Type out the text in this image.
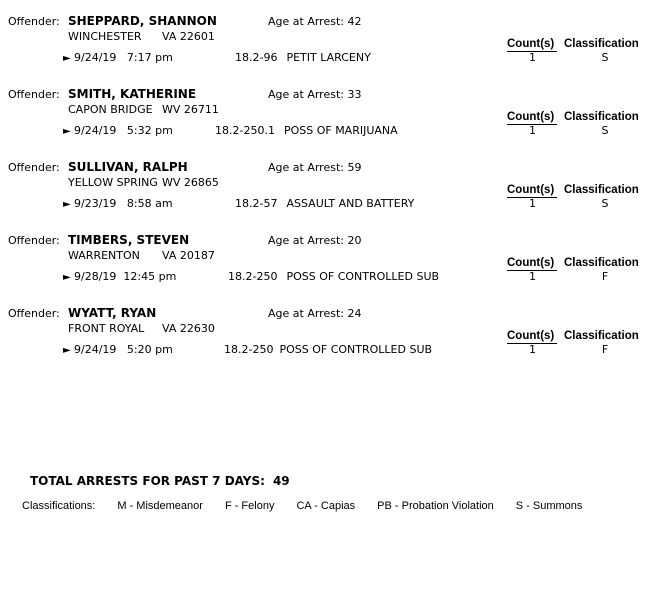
Offender: SHEPPARD, SHANNON	Age at Arrest: 42
WINCHESTER VA 22601
Count(s) Classification
► 9/24/19   7:17 pm	18.2-96 PETIT LARCENY	1	S
Offender: SMITH, KATHERINE	Age at Arrest: 33
CAPON BRIDGE WV 26711
Count(s) Classification
► 9/24/19   5:32 pm	18.2-250.1 POSS OF MARIJUANA	1	S
Offender: SULLIVAN, RALPH	Age at Arrest: 59
YELLOW SPRING WV 26865
Count(s) Classification
► 9/23/19   8:58 am	18.2-57 ASSAULT AND BATTERY	1	S
Offender: TIMBERS, STEVEN	Age at Arrest: 20
WARRENTON VA 20187
Count(s) Classification
► 9/28/19  12:45 pm	18.2-250 POSS OF CONTROLLED SUB	1	F
Offender: WYATT, RYAN	Age at Arrest: 24
FRONT ROYAL VA 22630
Count(s) Classification
► 9/24/19   5:20 pm	18.2-250 POSS OF CONTROLLED SUB	1	F
TOTAL ARRESTS FOR PAST 7 DAYS: 49
Classifications: M - Misdemeanor F - Felony CA - Capias PB - Probation Violation S - Summons
